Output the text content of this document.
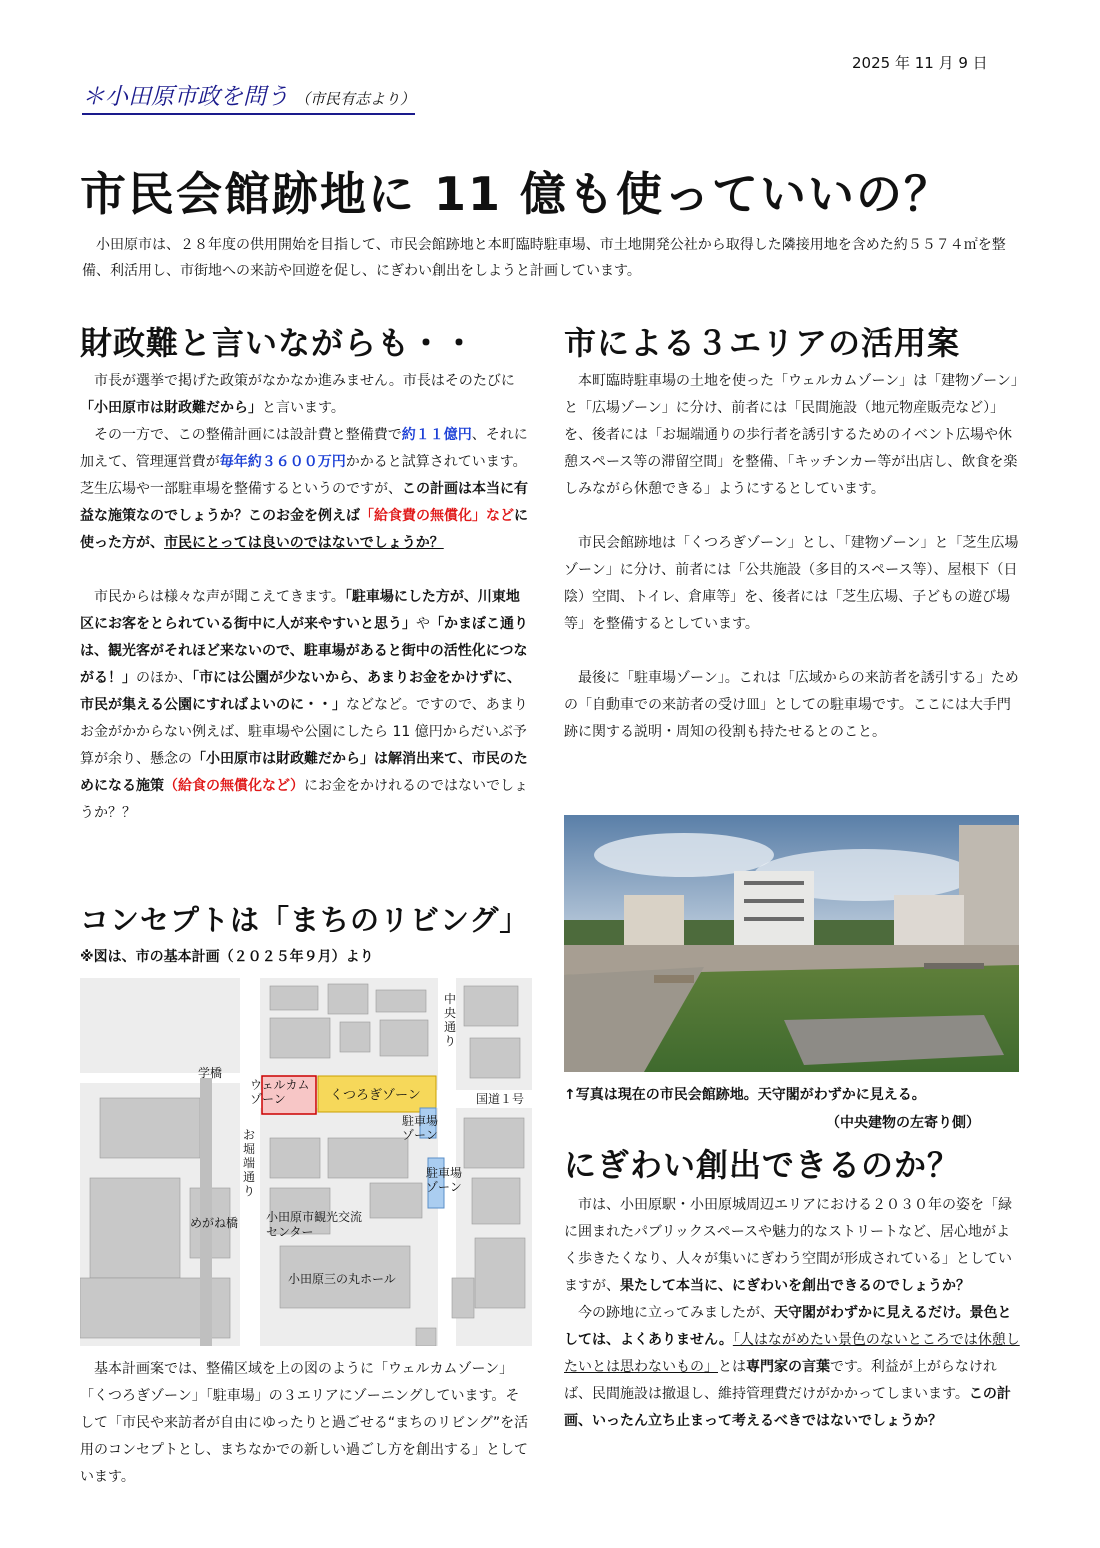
2025 年 11 月 9 日
＊小田原市政を問う （市民有志より）
市民会館跡地に 11 億も使っていいの？
小田原市は、２８年度の供用開始を目指して、市民会館跡地と本町臨時駐車場、市土地開発公社から取得した隣接用地を含めた約５５７４㎡を整備、利活用し、市街地への来訪や回遊を促し、にぎわい創出をしようと計画しています。
財政難と言いながらも・・

市長が選挙で掲げた政策がなかなか進みません。市長はそのたびに「小田原市は財政難だから」と言います。

その一方で、この整備計画には設計費と整備費で約１１億円、それに加えて、管理運営費が毎年約３６００万円かかると試算されています。芝生広場や一部駐車場を整備するというのですが、この計画は本当に有益な施策なのでしょうか？このお金を例えば「給食費の無償化」などに使った方が、市民にとっては良いのではないでしょうか？

市民からは様々な声が聞こえてきます。「駐車場にした方が、川東地区にお客をとられている街中に人が来やすいと思う」や「かまぼこ通りは、観光客がそれほど来ないので、駐車場があると街中の活性化につながる！」のほか、「市には公園が少ないから、あまりお金をかけずに、市民が集える公園にすればよいのに・・」などなど。ですので、あまりお金がかからない例えば、駐車場や公園にしたら 11 億円からだいぶ予算が余り、懸念の「小田原市は財政難だから」は解消出来て、市民のためになる施策（給食の無償化など）にお金をかけれるのではないでしょうか？？

コンセプトは「まちのリビング」
※図は、市の基本計画（２０２５年９月）より
中央通り
学橋
ウェルカムゾーン	くつろぎゾーン	国道１号
駐車場ゾーン
駐車場ゾーン
お堀端通り
めがね橋 小田原市観光交流センター
小田原三の丸ホール

基本計画案では、整備区域を上の図のように「ウェルカムゾーン」「くつろぎゾーン」「駐車場」の３エリアにゾーニングしています。そして「市民や来訪者が自由にゆったりと過ごせる“まちのリビング”を活用のコンセプトとし、まちなかでの新しい過ごし方を創出する」としています。

市による３エリアの活用案

本町臨時駐車場の土地を使った「ウェルカムゾーン」は「建物ゾーン」と「広場ゾーン」に分け、前者には「民間施設（地元物産販売など）」を、後者には「お堀端通りの歩行者を誘引するためのイベント広場や休憩スペース等の滞留空間」を整備、「キッチンカー等が出店し、飲食を楽しみながら休憩できる」ようにするとしています。

市民会館跡地は「くつろぎゾーン」とし、「建物ゾーン」と「芝生広場ゾーン」に分け、前者には「公共施設（多目的スペース等）、屋根下（日陰）空間、トイレ、倉庫等」を、後者には「芝生広場、子どもの遊び場等」を整備するとしています。

最後に「駐車場ゾーン」。これは「広域からの来訪者を誘引する」ための「自動車での来訪者の受け皿」としての駐車場です。ここには大手門跡に関する説明・周知の役割も持たせるとのこと。

↑写真は現在の市民会館跡地。天守閣がわずかに見える。
（中央建物の左寄り側）
にぎわい創出できるのか？

市は、小田原駅・小田原城周辺エリアにおける２０３０年の姿を「緑に囲まれたパブリックスペースや魅力的なストリートなど、居心地がよく歩きたくなり、人々が集いにぎわう空間が形成されている」としていますが、果たして本当に、にぎわいを創出できるのでしょうか？

今の跡地に立ってみましたが、天守閣がわずかに見えるだけ。景色としては、よくありません。「人はながめたい景色のないところでは休憩したいとは思わないもの」とは専門家の言葉です。利益が上がらなければ、民間施設は撤退し、維持管理費だけがかかってしまいます。この計画、いったん立ち止まって考えるべきではないでしょうか？
